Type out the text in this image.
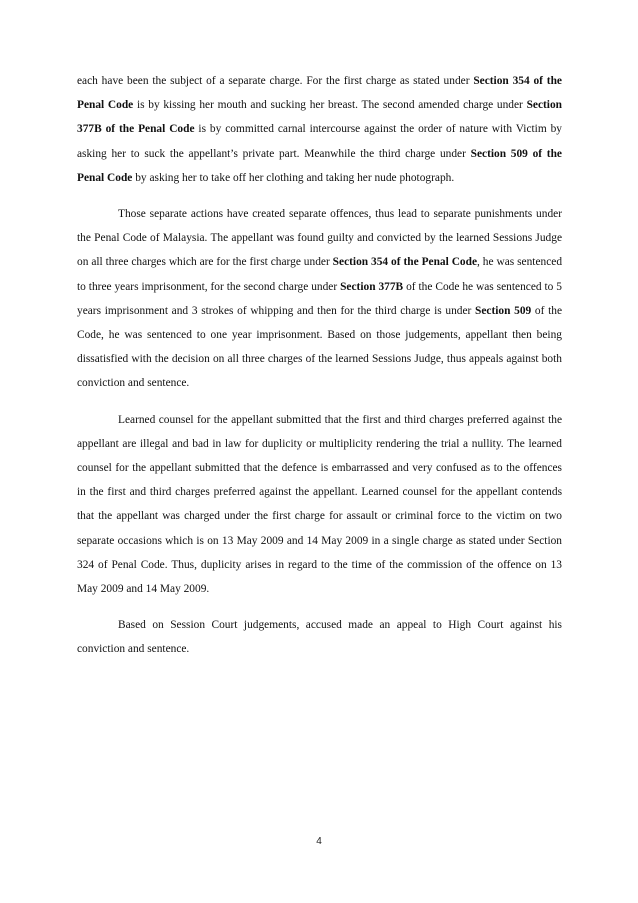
each have been the subject of a separate charge. For the first charge as stated under Section 354 of the Penal Code is by kissing her mouth and sucking her breast. The second amended charge under Section 377B of the Penal Code is by committed carnal intercourse against the order of nature with Victim by asking her to suck the appellant’s private part. Meanwhile the third charge under Section 509 of the Penal Code by asking her to take off her clothing and taking her nude photograph.

Those separate actions have created separate offences, thus lead to separate punishments under the Penal Code of Malaysia. The appellant was found guilty and convicted by the learned Sessions Judge on all three charges which are for the first charge under Section 354 of the Penal Code, he was sentenced to three years imprisonment, for the second charge under Section 377B of the Code he was sentenced to 5 years imprisonment and 3 strokes of whipping and then for the third charge is under Section 509 of the Code, he was sentenced to one year imprisonment. Based on those judgements, appellant then being dissatisfied with the decision on all three charges of the learned Sessions Judge, thus appeals against both conviction and sentence.

Learned counsel for the appellant submitted that the first and third charges preferred against the appellant are illegal and bad in law for duplicity or multiplicity rendering the trial a nullity. The learned counsel for the appellant submitted that the defence is embarrassed and very confused as to the offences in the first and third charges preferred against the appellant. Learned counsel for the appellant contends that the appellant was charged under the first charge for assault or criminal force to the victim on two separate occasions which is on 13 May 2009 and 14 May 2009 in a single charge as stated under Section 324 of Penal Code. Thus, duplicity arises in regard to the time of the commission of the offence on 13 May 2009 and 14 May 2009.

Based on Session Court judgements, accused made an appeal to High Court against his conviction and sentence.

4
